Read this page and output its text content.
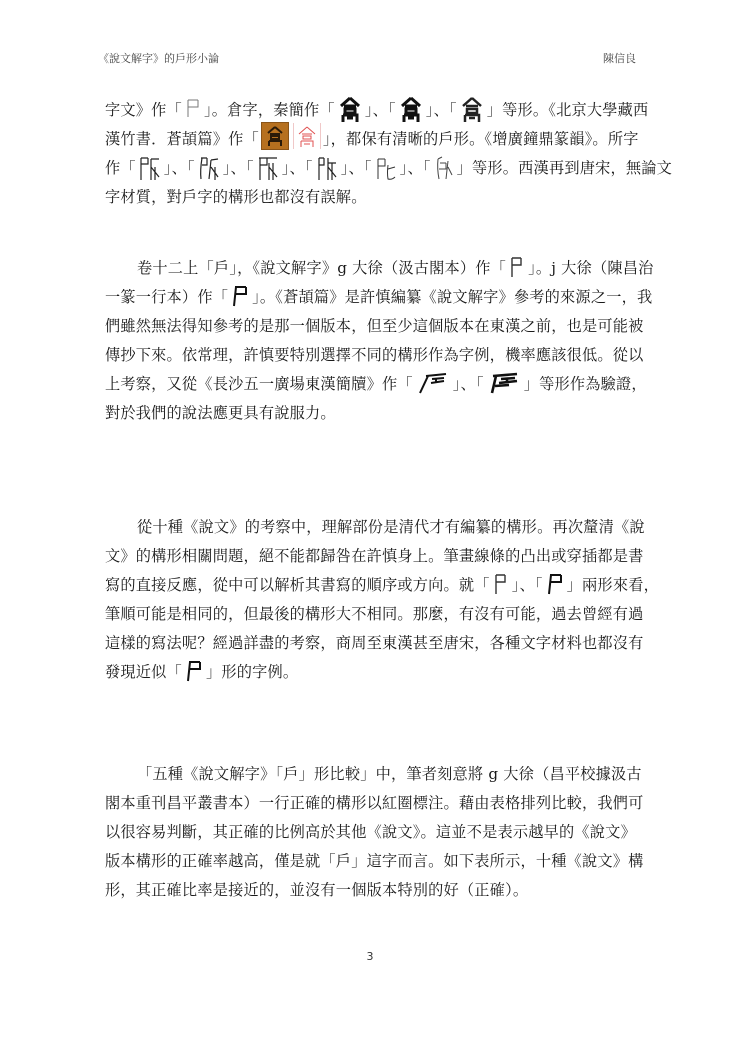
《說文解字》的戶形小論	陳信良
字文》作「 」。倉字，秦簡作「 」、「 」、「 」等形。《北京大學藏西
漢竹書．蒼頡篇》作「	」，都保有清晰的戶形。《增廣鐘鼎篆韻》。所字
作「 」、「 」、「 」、「 」、「 」、「 」等形。西漢再到唐宋，無論文
字材質，對戶字的構形也都沒有誤解。
卷十二上「戶」，《說文解字》g 大徐（汲古閣本）作「 」。j 大徐（陳昌治
一篆一行本）作「 」。《蒼頡篇》是許慎編纂《說文解字》參考的來源之一，我
們雖然無法得知參考的是那一個版本，但至少這個版本在東漢之前，也是可能被
傳抄下來。依常理，許慎要特別選擇不同的構形作為字例，機率應該很低。從以
上考察，又從《長沙五一廣場東漢簡牘》作「	」、「	」等形作為驗證，
對於我們的說法應更具有說服力。
從十種《說文》的考察中，理解部份是清代才有編纂的構形。再次釐清《說
文》的構形相關問題，絕不能都歸咎在許慎身上。筆畫線條的凸出或穿插都是書
寫的直接反應，從中可以解析其書寫的順序或方向。就「 」、「 」兩形來看，
筆順可能是相同的，但最後的構形大不相同。那麼，有沒有可能，過去曾經有過
這樣的寫法呢？經過詳盡的考察，商周至東漢甚至唐宋，各種文字材料也都沒有
發現近似「 」形的字例。
「五種《說文解字》「戶」形比較」中，筆者刻意將 g 大徐（昌平校據汲古
閣本重刊昌平叢書本）一行正確的構形以紅圈標注。藉由表格排列比較，我們可
以很容易判斷，其正確的比例高於其他《說文》。這並不是表示越早的《說文》
版本構形的正確率越高，僅是就「戶」這字而言。如下表所示，十種《說文》構
形，其正確比率是接近的，並沒有一個版本特別的好（正確）。
3
